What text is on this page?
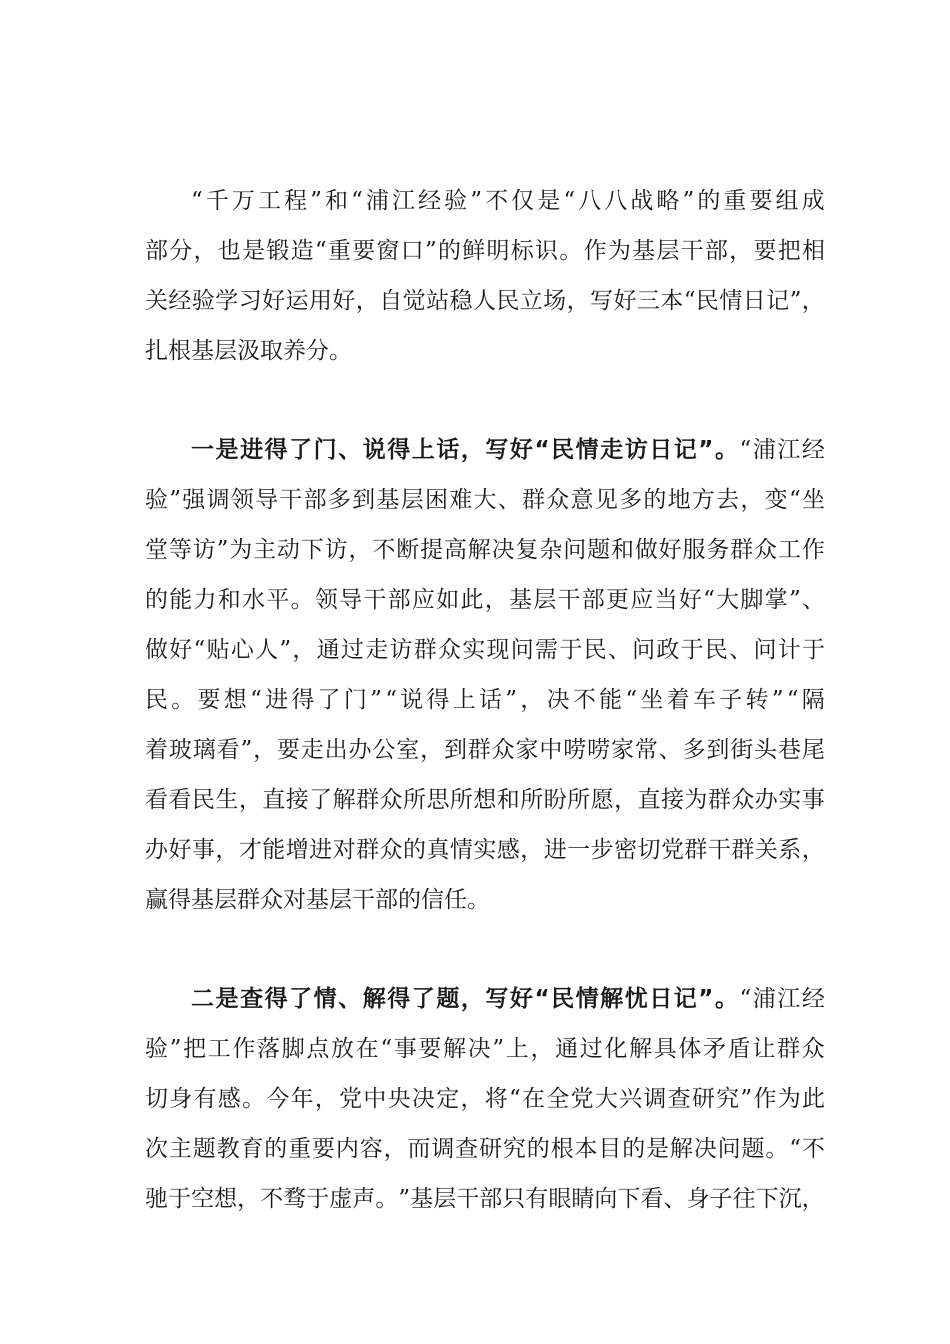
“ 千 万 工 程 ” 和 “ 浦 江 经 验 ” 不 仅 是 “ 八 八 战 略 ” 的 重 要 组 成
部 分 ， 也 是 锻 造 “ 重 要 窗 口 ” 的 鲜 明 标 识 。 作 为 基 层 干 部 ， 要 把 相
关 经 验 学 习 好 运 用 好 ， 自 觉 站 稳 人 民 立 场 ， 写 好 三 本 “ 民 情 日 记 ” ，
扎根基层汲取养分。
一 是 进 得 了 门 、 说 得 上 话 ， 写 好 “ 民 情 走 访 日 记 ” 。 “ 浦 江 经
验 ” 强 调 领 导 干 部 多 到 基 层 困 难 大 、 群 众 意 见 多 的 地 方 去 ， 变 “ 坐
堂 等 访 ” 为 主 动 下 访 ， 不 断 提 高 解 决 复 杂 问 题 和 做 好 服 务 群 众 工 作
的 能 力 和 水 平 。 领 导 干 部 应 如 此 ， 基 层 干 部 更 应 当 好 “ 大 脚 掌 ” 、
做 好 “ 贴 心 人 ” ， 通 过 走 访 群 众 实 现 问 需 于 民 、 问 政 于 民 、 问 计 于
民 。 要 想 “ 进 得 了 门 ” “ 说 得 上 话 ” ， 决 不 能 “ 坐 着 车 子 转 ” “ 隔
着 玻 璃 看 ” ， 要 走 出 办 公 室 ， 到 群 众 家 中 唠 唠 家 常 、 多 到 街 头 巷 尾
看 看 民 生 ， 直 接 了 解 群 众 所 思 所 想 和 所 盼 所 愿 ， 直 接 为 群 众 办 实 事
办 好 事 ， 才 能 增 进 对 群 众 的 真 情 实 感 ， 进 一 步 密 切 党 群 干 群 关 系 ，
赢得基层群众对基层干部的信任。
二 是 查 得 了 情 、 解 得 了 题 ， 写 好 “ 民 情 解 忧 日 记 ” 。 “ 浦 江 经
验 ” 把 工 作 落 脚 点 放 在 “ 事 要 解 决 ” 上 ， 通 过 化 解 具 体 矛 盾 让 群 众
切 身 有 感 。 今 年 ， 党 中 央 决 定 ， 将 “ 在 全 党 大 兴 调 查 研 究 ” 作 为 此
次 主 题 教 育 的 重 要 内 容 ， 而 调 查 研 究 的 根 本 目 的 是 解 决 问 题 。 “ 不
驰 于 空 想 ， 不 骛 于 虚 声 。 ” 基 层 干 部 只 有 眼 睛 向 下 看 、 身 子 往 下 沉 ，
